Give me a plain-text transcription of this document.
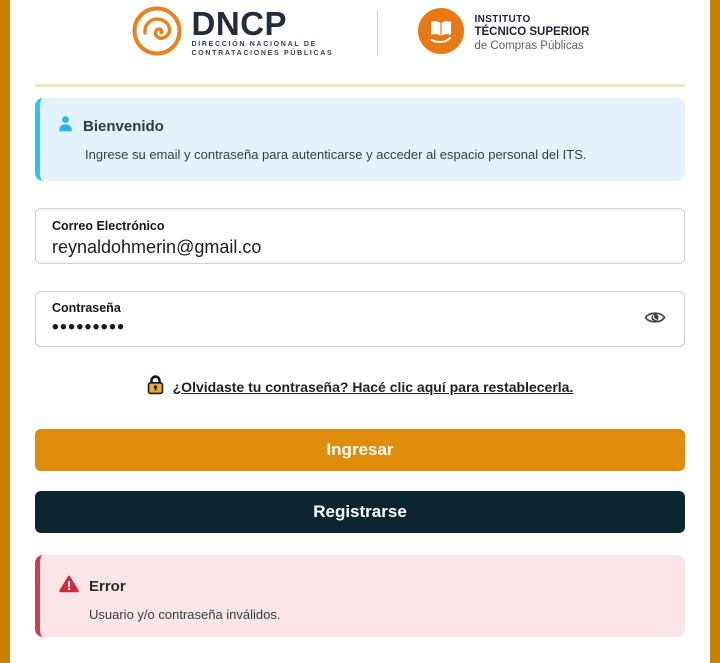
DNCP
DIRECCIÓN NACIONAL DE
CONTRATACIONES PÚBLICAS
INSTITUTO
TÉCNICO SUPERIOR
de Compras Públicas
Bienvenido
Ingrese su email y contraseña para autenticarse y acceder al espacio personal del ITS.
Correo Electrónico
reynaldohmerin@gmail.co
Contraseña
•••••••••
¿Olvidaste tu contraseña? Hacé clic aquí para restablecerla.
Ingresar
Registrarse
Error
Usuario y/o contraseña inválidos.
